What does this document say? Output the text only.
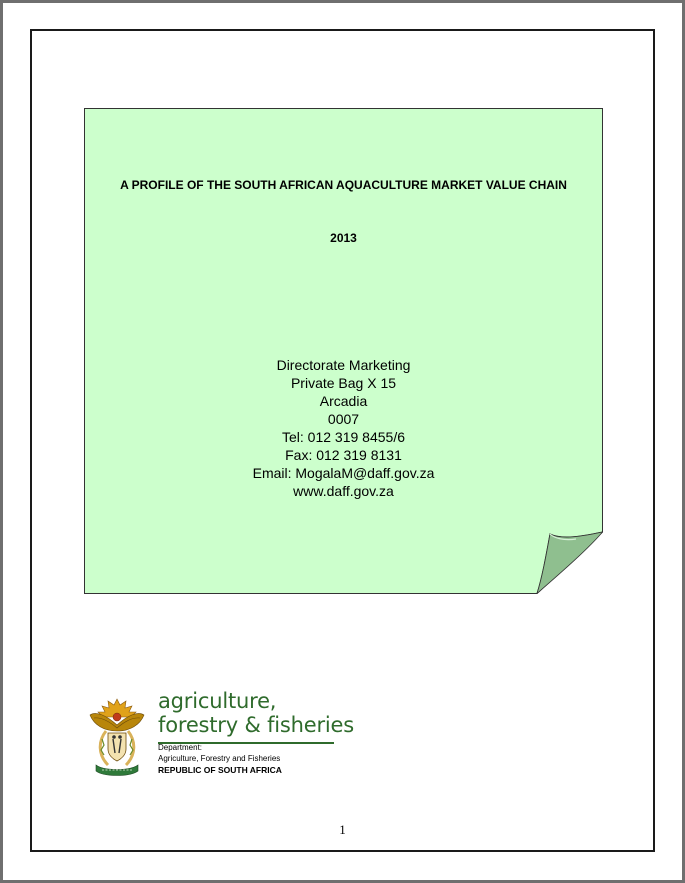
A PROFILE OF THE SOUTH AFRICAN AQUACULTURE MARKET VALUE CHAIN
2013
Directorate Marketing
Private Bag X 15
Arcadia
0007
Tel: 012 319 8455/6
Fax: 012 319 8131
Email: MogalaM@daff.gov.za
www.daff.gov.za
agriculture,
forestry & fisheries
Department:
Agriculture, Forestry and Fisheries
REPUBLIC OF SOUTH AFRICA
1
